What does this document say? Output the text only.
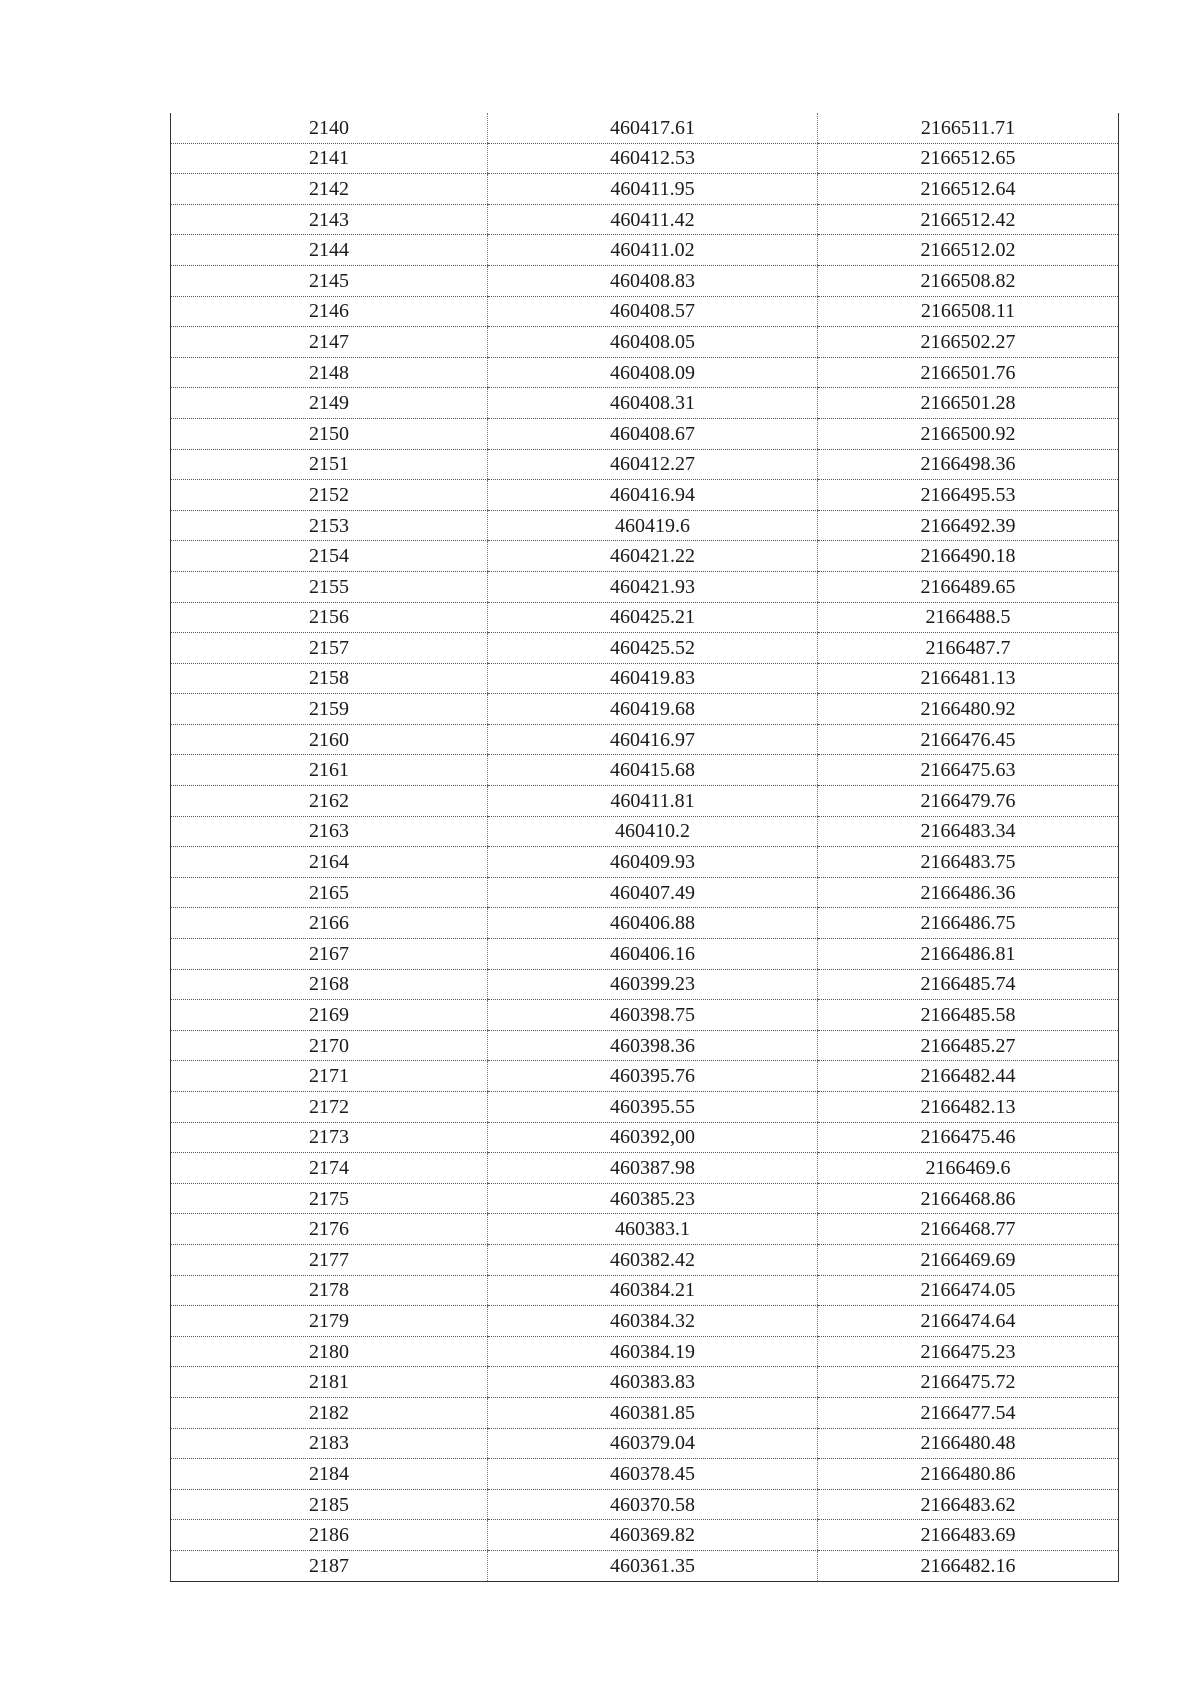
2140	460417.61	2166511.71
2141	460412.53	2166512.65
2142	460411.95	2166512.64
2143	460411.42	2166512.42
2144	460411.02	2166512.02
2145	460408.83	2166508.82
2146	460408.57	2166508.11
2147	460408.05	2166502.27
2148	460408.09	2166501.76
2149	460408.31	2166501.28
2150	460408.67	2166500.92
2151	460412.27	2166498.36
2152	460416.94	2166495.53
2153	460419.6	2166492.39
2154	460421.22	2166490.18
2155	460421.93	2166489.65
2156	460425.21	2166488.5
2157	460425.52	2166487.7
2158	460419.83	2166481.13
2159	460419.68	2166480.92
2160	460416.97	2166476.45
2161	460415.68	2166475.63
2162	460411.81	2166479.76
2163	460410.2	2166483.34
2164	460409.93	2166483.75
2165	460407.49	2166486.36
2166	460406.88	2166486.75
2167	460406.16	2166486.81
2168	460399.23	2166485.74
2169	460398.75	2166485.58
2170	460398.36	2166485.27
2171	460395.76	2166482.44
2172	460395.55	2166482.13
2173	460392,00	2166475.46
2174	460387.98	2166469.6
2175	460385.23	2166468.86
2176	460383.1	2166468.77
2177	460382.42	2166469.69
2178	460384.21	2166474.05
2179	460384.32	2166474.64
2180	460384.19	2166475.23
2181	460383.83	2166475.72
2182	460381.85	2166477.54
2183	460379.04	2166480.48
2184	460378.45	2166480.86
2185	460370.58	2166483.62
2186	460369.82	2166483.69
2187	460361.35	2166482.16
